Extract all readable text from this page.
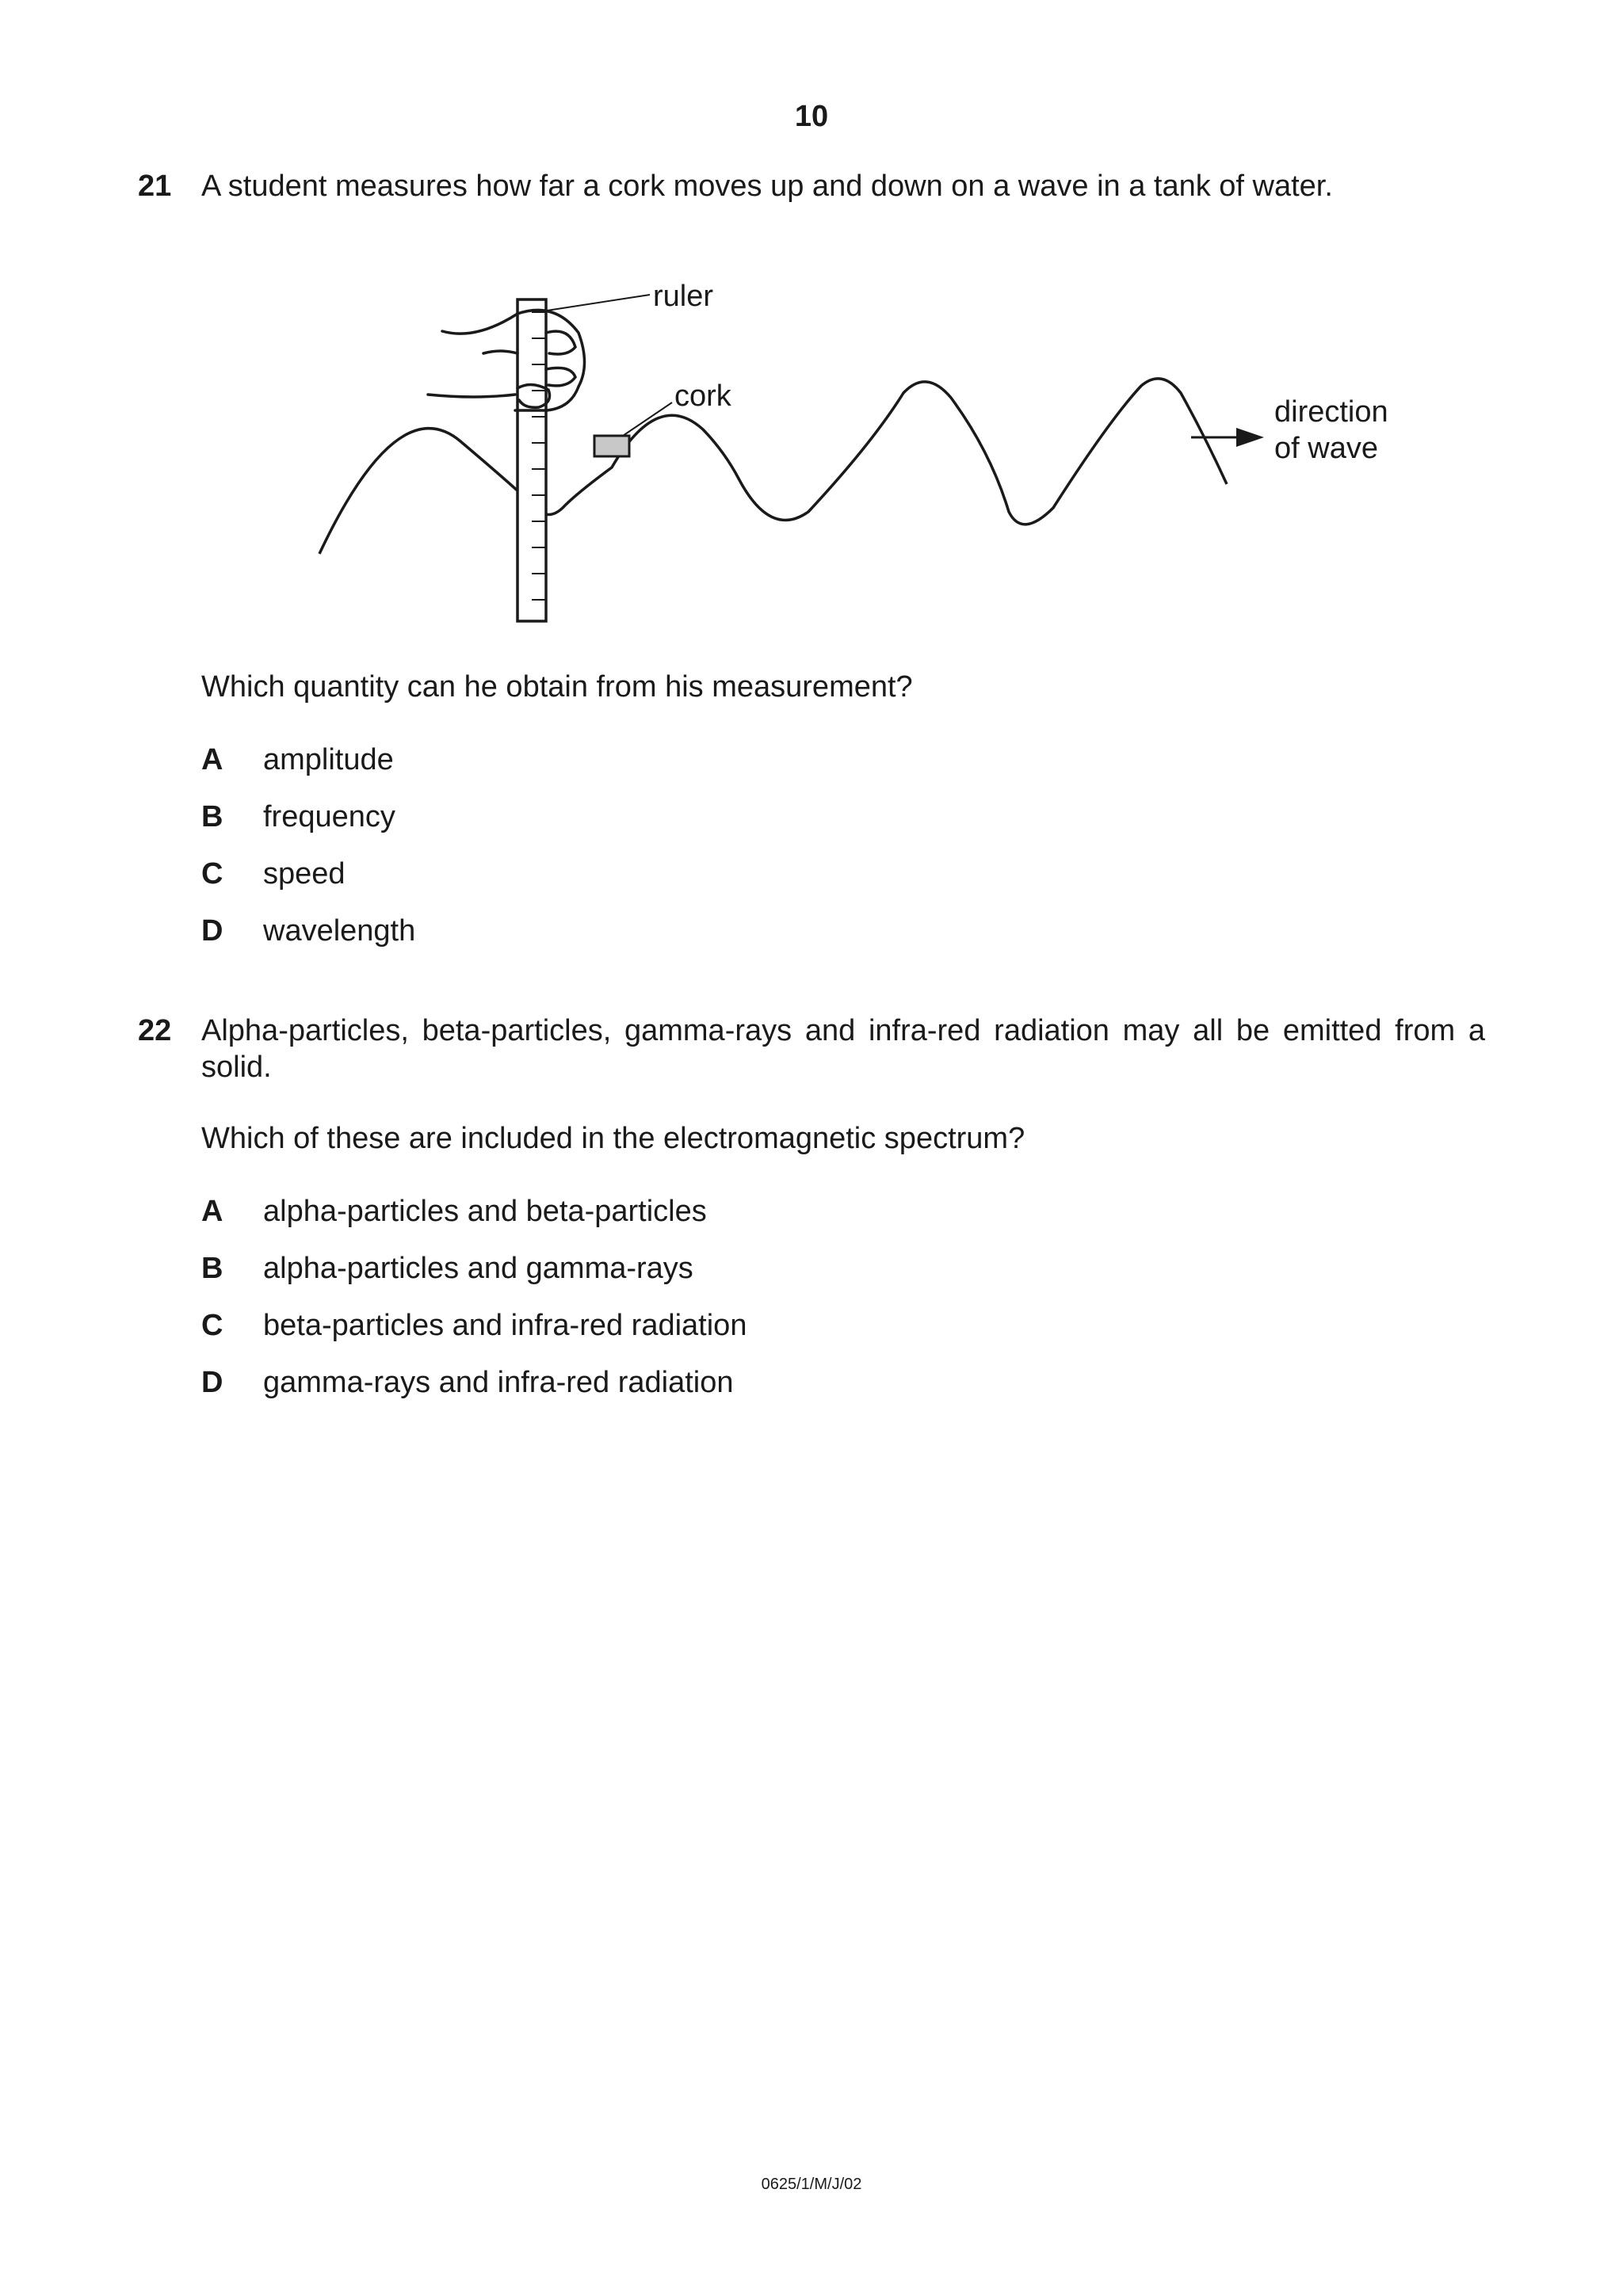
10
21 A student measures how far a cork moves up and down on a wave in a tank of water.
ruler
cork	direction
of wave
Which quantity can he obtain from his measurement?
A amplitude
B frequency
C speed
D wavelength
22 Alpha-particles, beta-particles, gamma-rays and infra-red radiation may all be emitted from a solid.
Which of these are included in the electromagnetic spectrum?
A alpha-particles and beta-particles
B alpha-particles and gamma-rays
C beta-particles and infra-red radiation
D gamma-rays and infra-red radiation
0625/1/M/J/02
